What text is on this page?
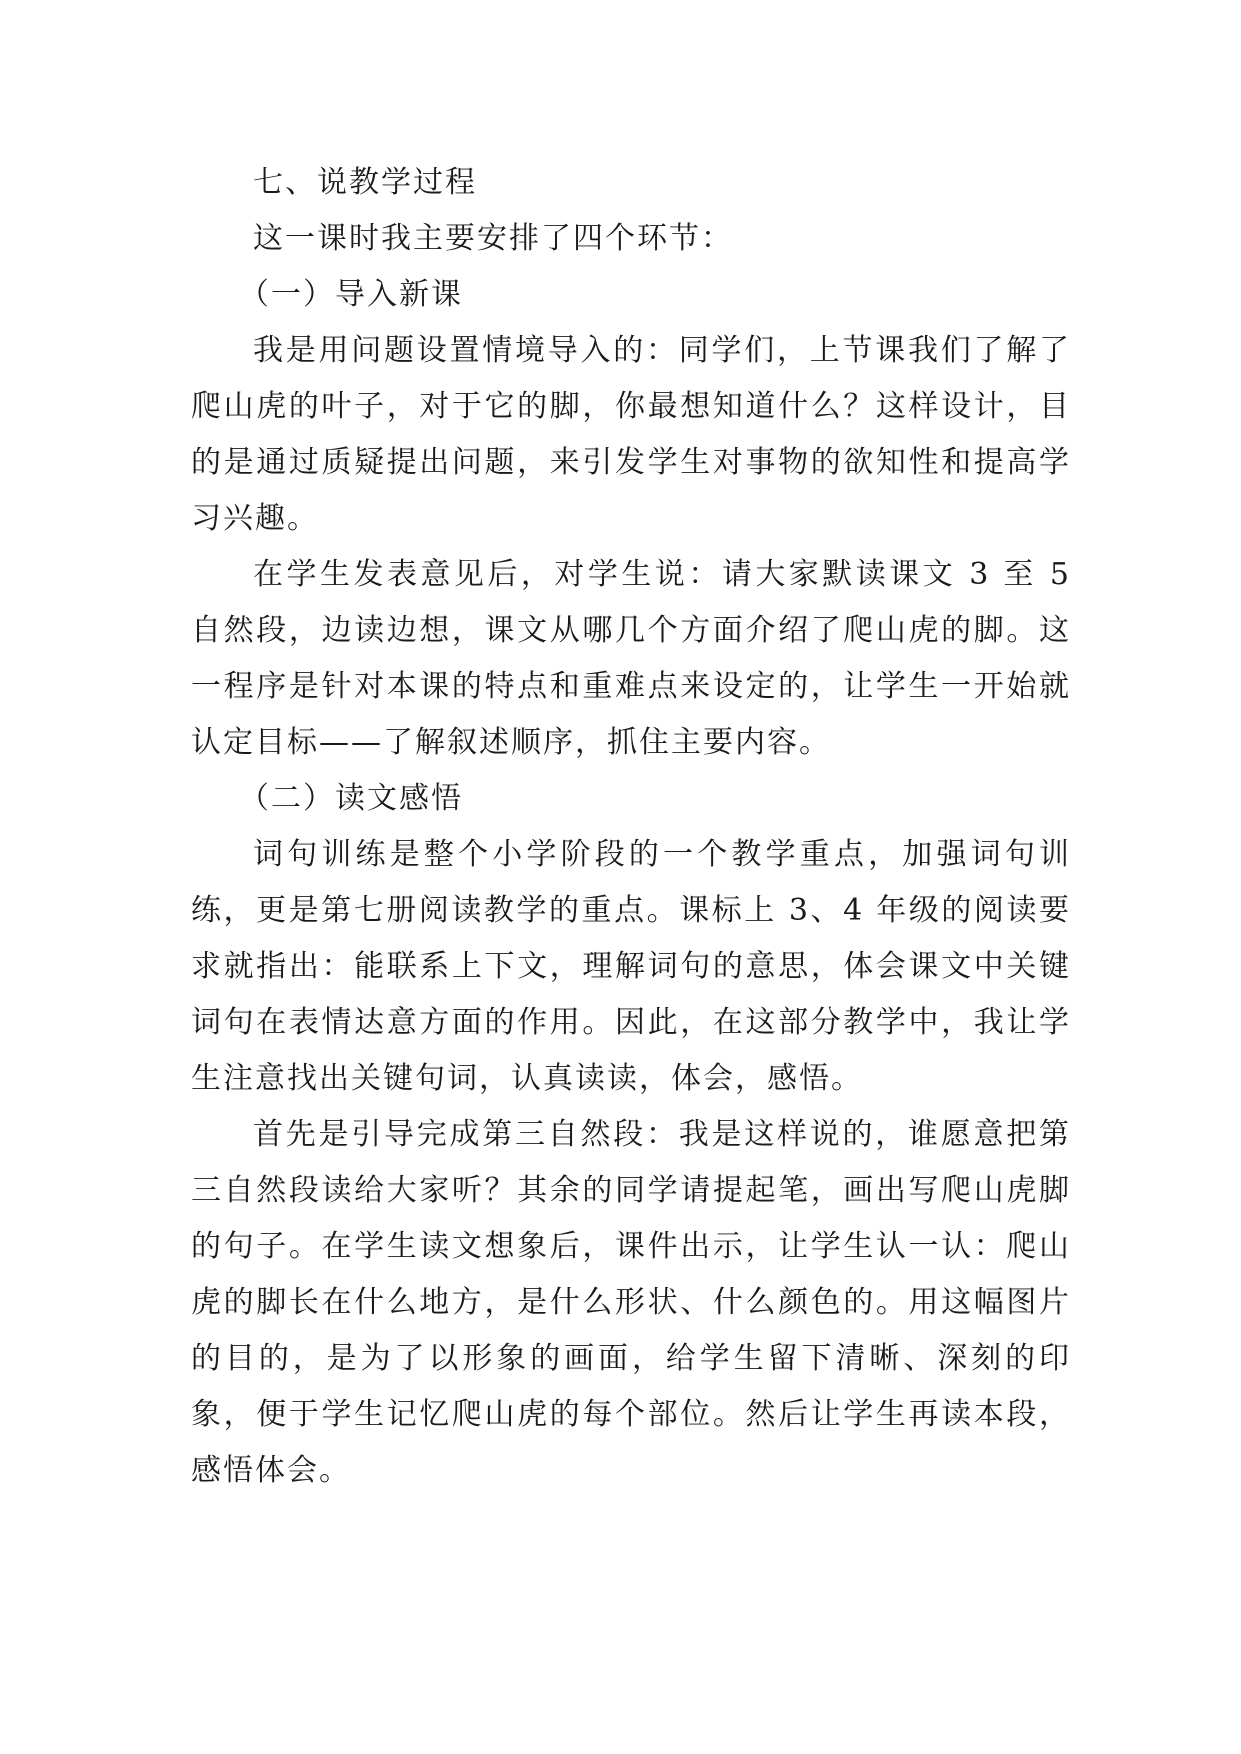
七、说教学过程

这一课时我主要安排了四个环节：

（一）导入新课

我是用问题设置情境导入的：同学们，上节课我们了解了爬山虎的叶子，对于它的脚，你最想知道什么？这样设计，目的是通过质疑提出问题，来引发学生对事物的欲知性和提高学习兴趣。

在学生发表意见后，对学生说：请大家默读课文 3 至 5 自然段，边读边想，课文从哪几个方面介绍了爬山虎的脚。这一程序是针对本课的特点和重难点来设定的，让学生一开始就认定目标——了解叙述顺序，抓住主要内容。

（二）读文感悟

词句训练是整个小学阶段的一个教学重点，加强词句训练，更是第七册阅读教学的重点。课标上 3、4 年级的阅读要求就指出：能联系上下文，理解词句的意思，体会课文中关键词句在表情达意方面的作用。因此，在这部分教学中，我让学生注意找出关键句词，认真读读，体会，感悟。

首先是引导完成第三自然段：我是这样说的，谁愿意把第三自然段读给大家听？其余的同学请提起笔，画出写爬山虎脚的句子。在学生读文想象后，课件出示，让学生认一认：爬山虎的脚长在什么地方，是什么形状、什么颜色的。用这幅图片的目的，是为了以形象的画面，给学生留下清晰、深刻的印象，便于学生记忆爬山虎的每个部位。然后让学生再读本段，感悟体会。
